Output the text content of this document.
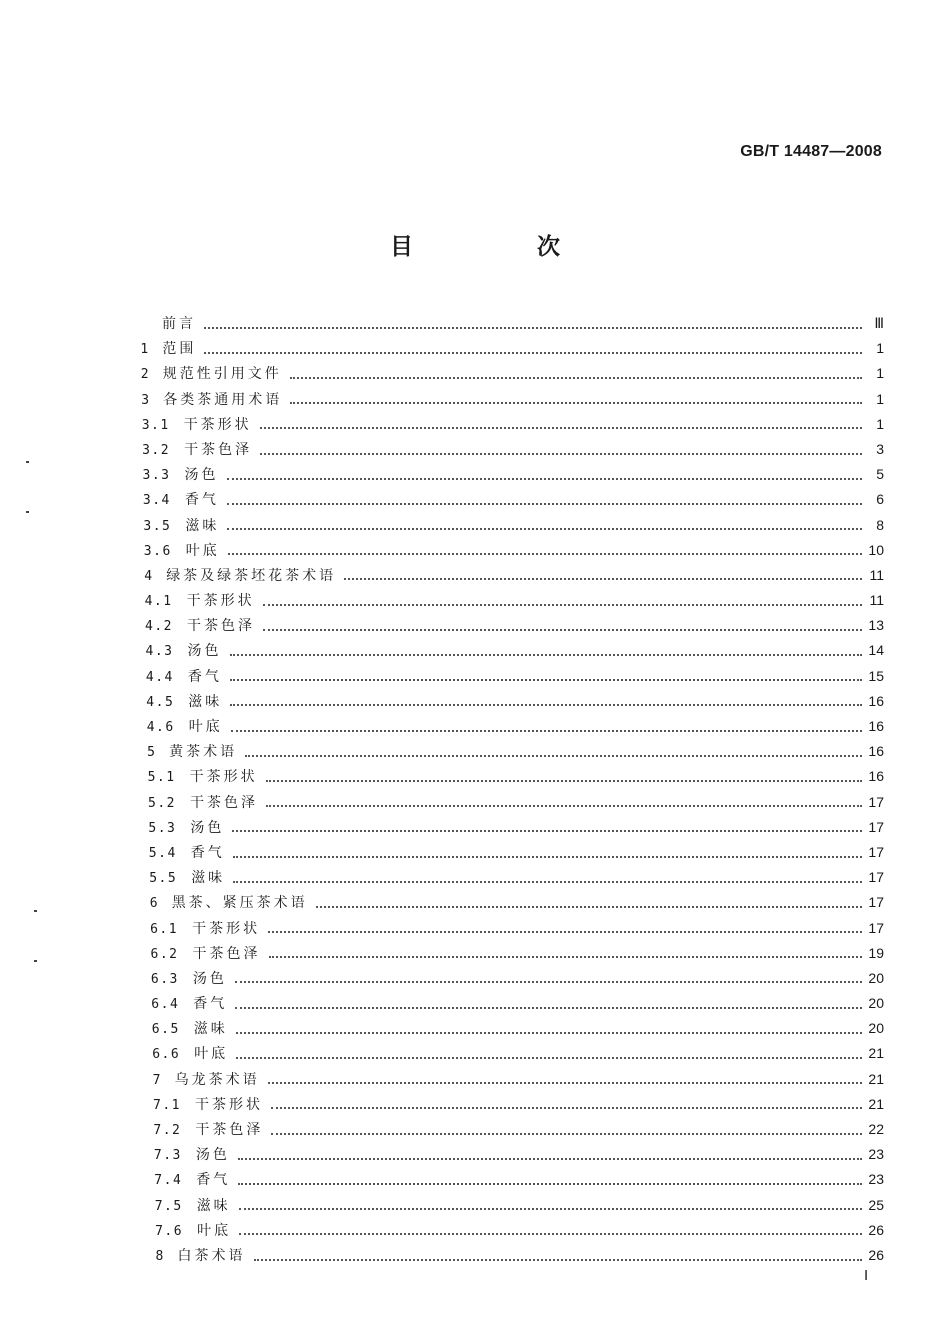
GB/T 14487—2008
目 次
前言	Ⅲ
1 范围	1
2 规范性引用文件	1
3 各类茶通用术语	1
3.1	干茶形状	1
3.2	干茶色泽	3
3.3	汤色	5
3.4	香气	6
3.5	滋味	8
3.6	叶底	10
4 绿茶及绿茶坯花茶术语	11
4.1	干茶形状	11
4.2	干茶色泽	13
4.3	汤色	14
4.4	香气	15
4.5	滋味	16
4.6	叶底	16
5 黄茶术语	16
5.1	干茶形状	16
5.2	干茶色泽	17
5.3	汤色	17
5.4	香气	17
5.5	滋味	17
6 黑茶、紧压茶术语	17
6.1	干茶形状	17
6.2	干茶色泽	19
6.3	汤色	20
6.4	香气	20
6.5	滋味	20
6.6	叶底	21
7 乌龙茶术语	21
7.1	干茶形状	21
7.2	干茶色泽	22
7.3	汤色	23
7.4	香气	23
7.5	滋味	25
7.6	叶底	26
8 白茶术语	26
Ⅰ
